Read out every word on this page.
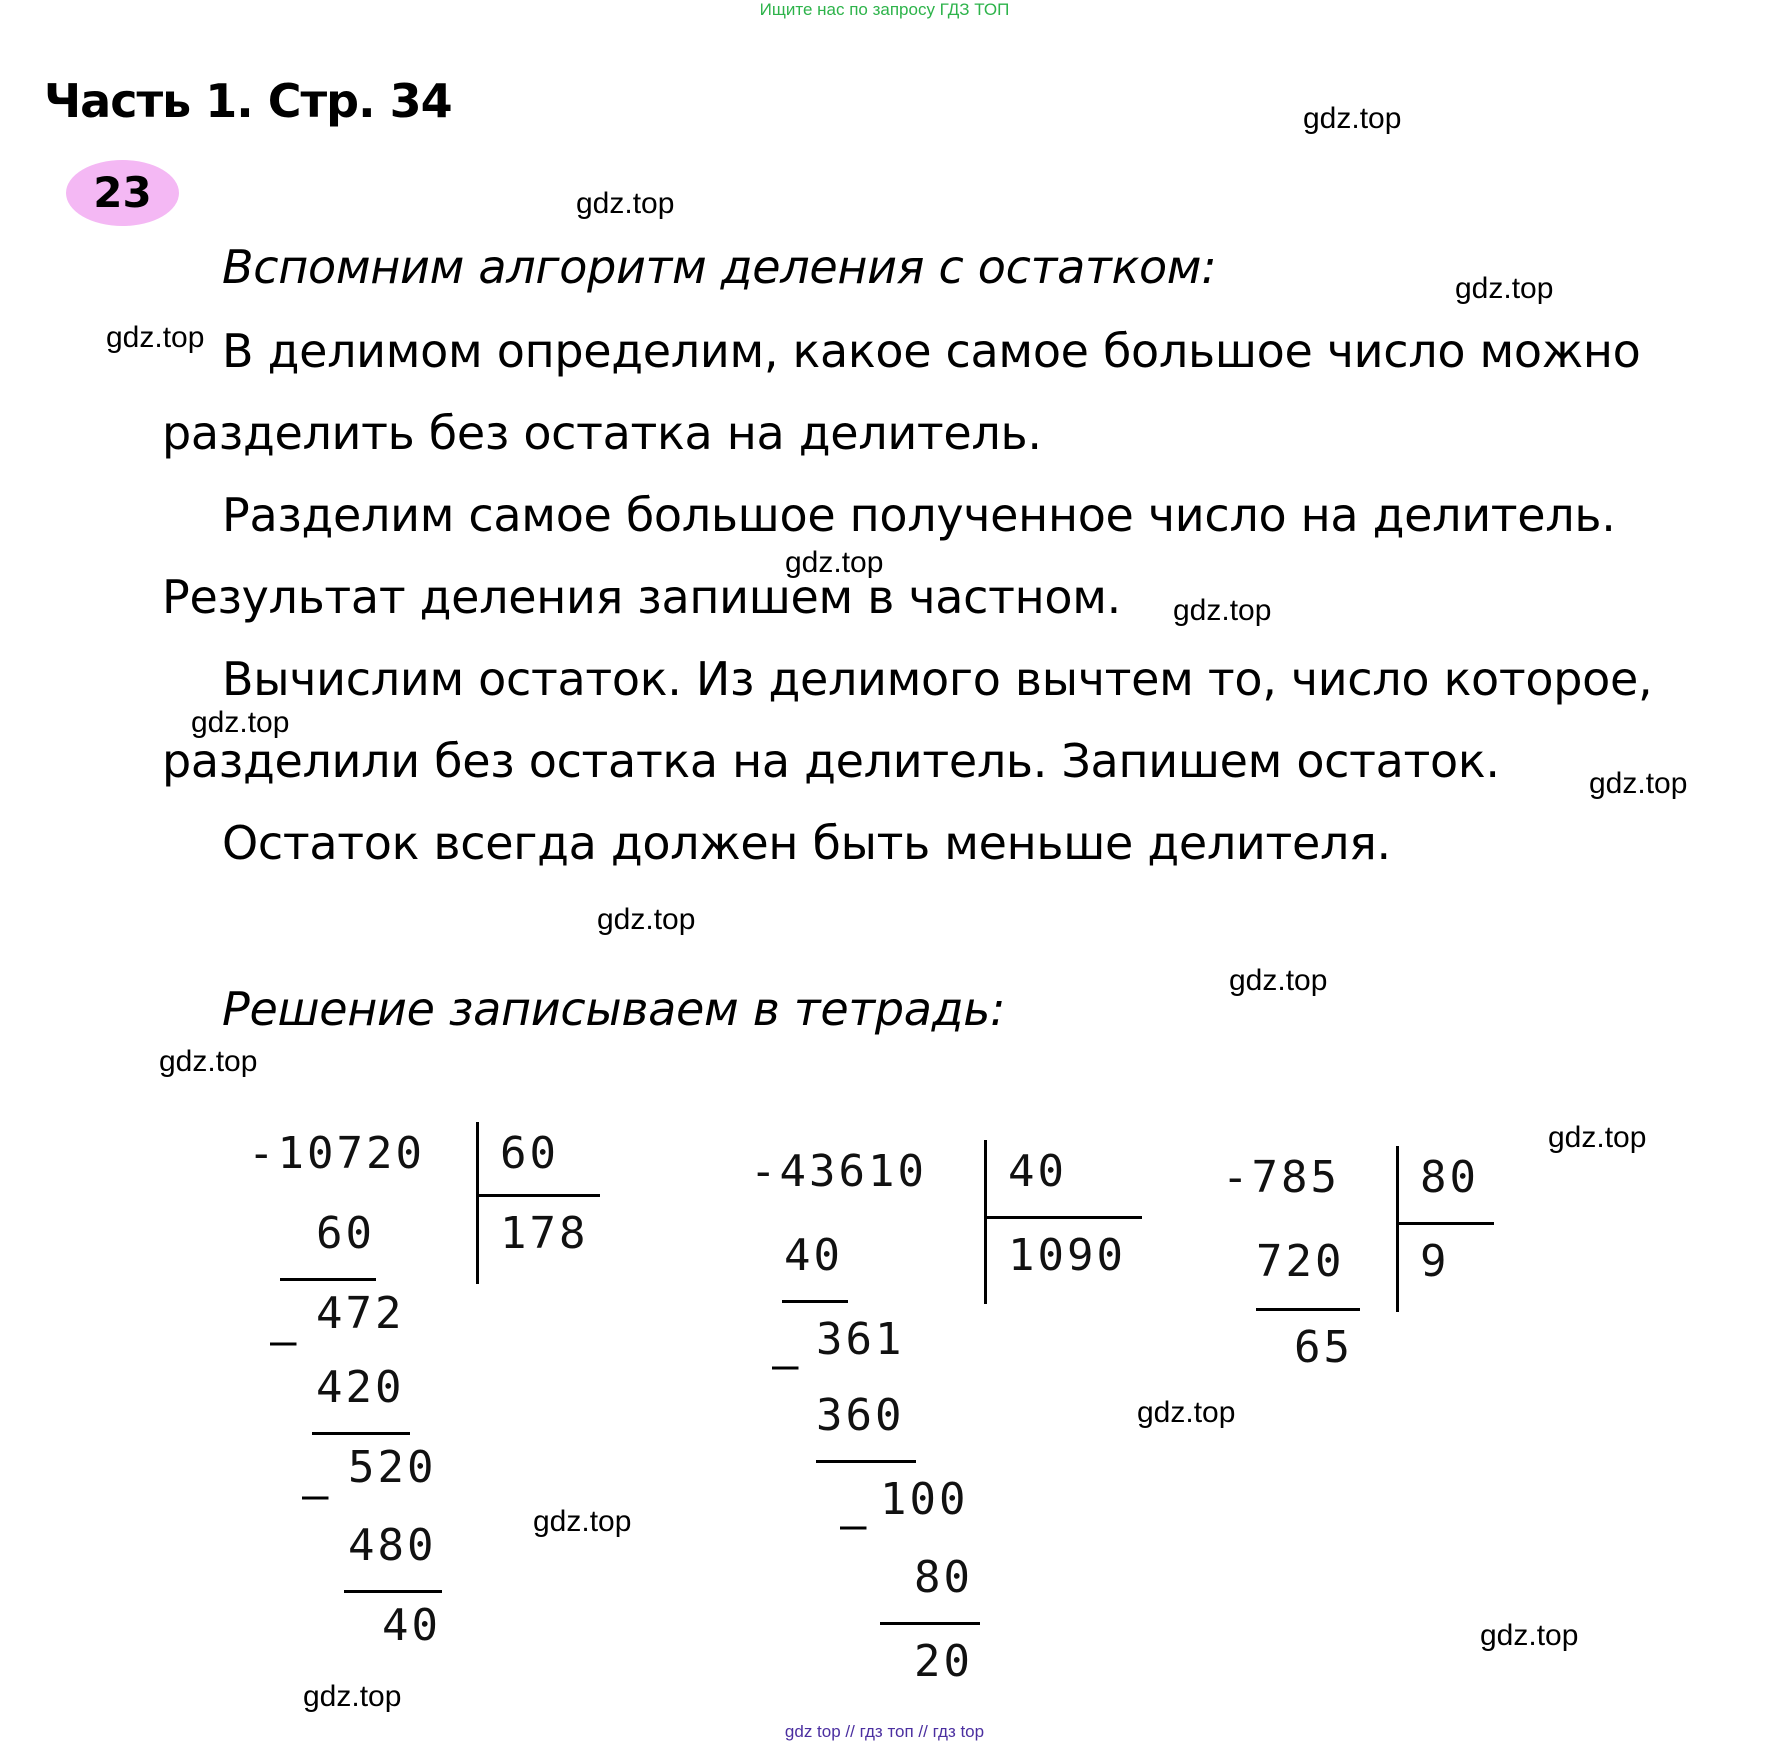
Ищите нас по запросу ГДЗ ТОП
Часть 1. Стр. 34
23
gdz.top
gdz.top
gdz.top
gdz.top
gdz.top
gdz.top
gdz.top
gdz.top
gdz.top
gdz.top
gdz.top
gdz.top
gdz.top
gdz.top
gdz.top
gdz.top
Вспомним алгоритм деления с остатком:
В делимом определим, какое самое большое число можно
разделить без остатка на делитель.
Разделим самое большое полученное число на делитель.
Результат деления запишем в частном.
Вычислим остаток. Из делимого вычтем то, число которое,
разделили без остатка на делитель. Запишем остаток.
Остаток всегда должен быть меньше делителя.
Решение записываем в тетрадь:
-10720 60
178
60
472
–
420
520
–
480
40
-43610 40
1090
40
361
–
360
100
–
80
20
-785 80
9
720
65
gdz top // гдз топ // гдз top
